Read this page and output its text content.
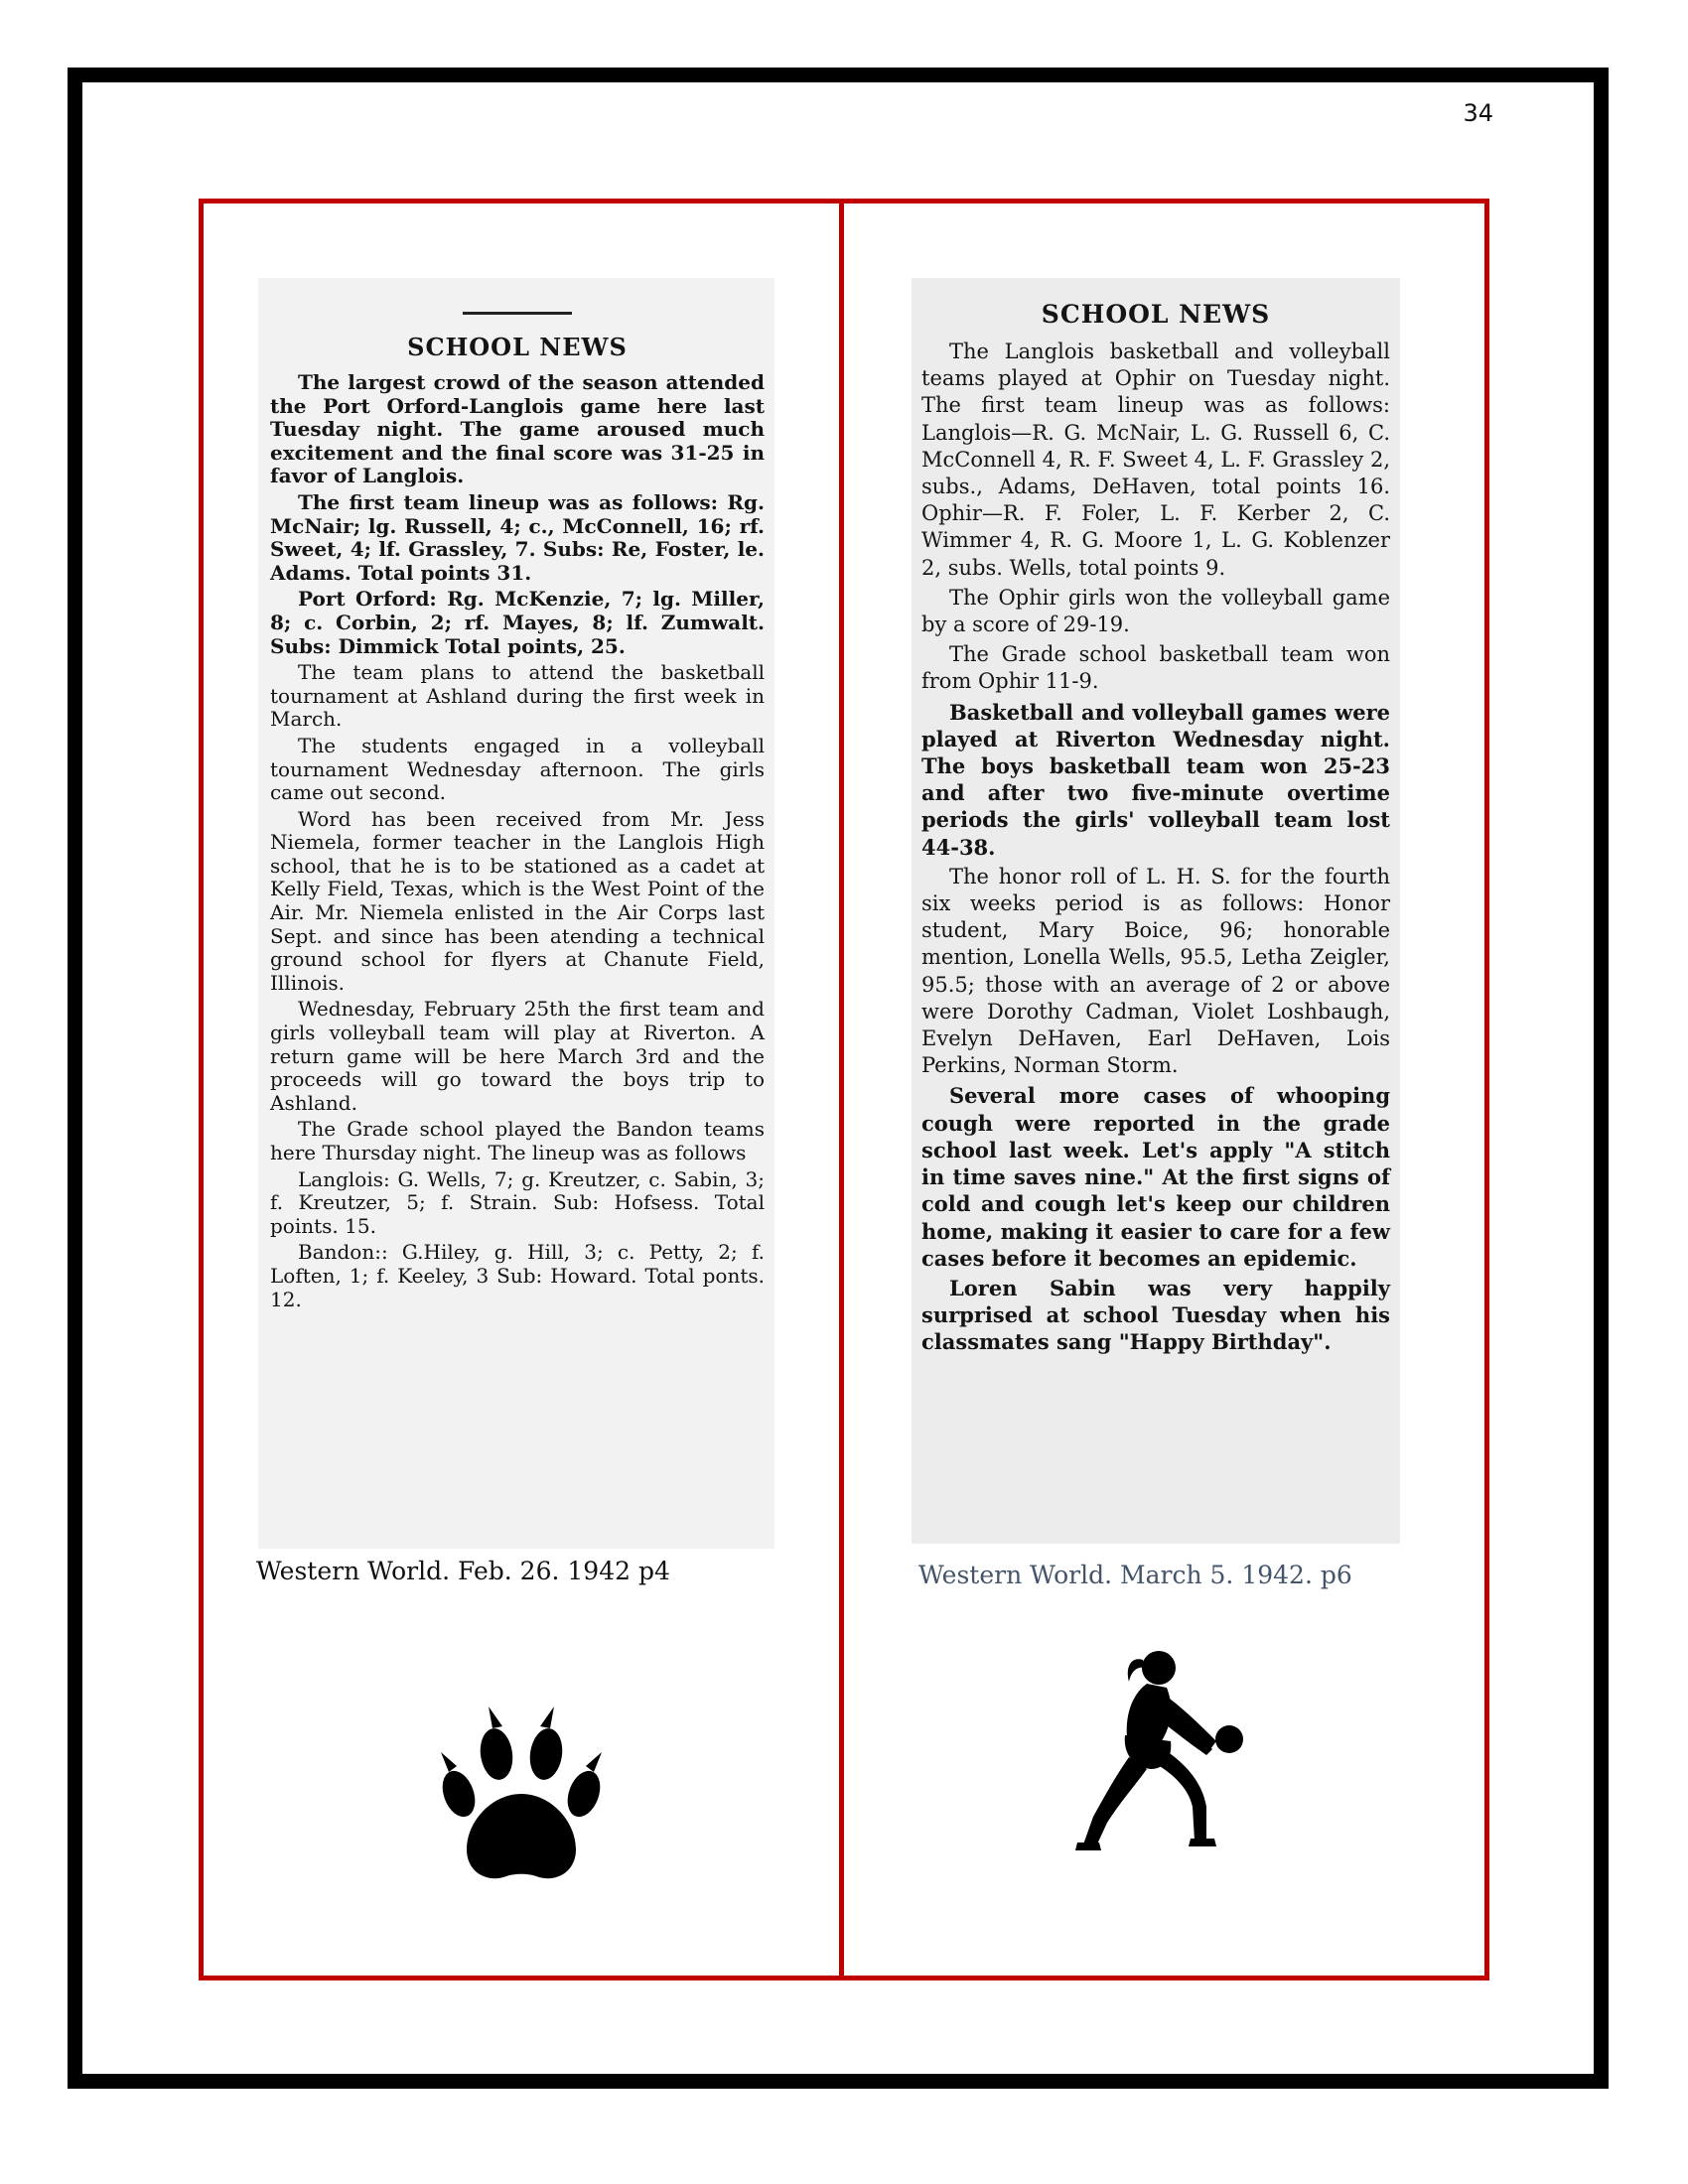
34
SCHOOL NEWS

The largest crowd of the season attended the Port Orford-Langlois game here last Tuesday night. The game aroused much excitement and the final score was 31-25 in favor of Langlois.

The first team lineup was as follows: Rg. McNair; lg. Russell, 4; c., McConnell, 16; rf. Sweet, 4; lf. Grassley, 7. Subs: Re, Foster, le. Adams. Total points 31.

Port Orford: Rg. McKenzie, 7; lg. Miller, 8; c. Corbin, 2; rf. Mayes, 8; lf. Zumwalt. Subs: Dimmick Total points, 25.

The team plans to attend the basketball tournament at Ashland during the first week in March.

The students engaged in a volleyball tournament Wednesday afternoon. The girls came out second.

Word has been received from Mr. Jess Niemela, former teacher in the Langlois High school, that he is to be stationed as a cadet at Kelly Field, Texas, which is the West Point of the Air. Mr. Niemela enlisted in the Air Corps last Sept. and since has been atending a technical ground school for flyers at Chanute Field, Illinois.

Wednesday, February 25th the first team and girls volleyball team will play at Riverton. A return game will be here March 3rd and the proceeds will go toward the boys trip to Ashland.

The Grade school played the Bandon teams here Thursday night. The lineup was as follows

Langlois: G. Wells, 7; g. Kreutzer, c. Sabin, 3; f. Kreutzer, 5; f. Strain. Sub: Hofsess. Total points. 15.

Bandon:: G.Hiley, g. Hill, 3; c. Petty, 2; f. Loften, 1; f. Keeley, 3 Sub: Howard. Total ponts. 12.

SCHOOL NEWS

The Langlois basketball and volleyball teams played at Ophir on Tuesday night. The first team lineup was as follows: Langlois—R. G. McNair, L. G. Russell 6, C. McConnell 4, R. F. Sweet 4, L. F. Grassley 2, subs., Adams, DeHaven, total points 16. Ophir—R. F. Foler, L. F. Kerber 2, C. Wimmer 4, R. G. Moore 1, L. G. Koblenzer 2, subs. Wells, total points 9.

The Ophir girls won the volleyball game by a score of 29-19.

The Grade school basketball team won from Ophir 11-9.

Basketball and volleyball games were played at Riverton Wednesday night. The boys basketball team won 25-23 and after two five-minute overtime periods the girls' volleyball team lost 44-38.

The honor roll of L. H. S. for the fourth six weeks period is as follows: Honor student, Mary Boice, 96; honorable mention, Lonella Wells, 95.5, Letha Zeigler, 95.5; those with an average of 2 or above were Dorothy Cadman, Violet Loshbaugh, Evelyn DeHaven, Earl DeHaven, Lois Perkins, Norman Storm.

Several more cases of whooping cough were reported in the grade school last week. Let's apply "A stitch in time saves nine." At the first signs of cold and cough let's keep our children home, making it easier to care for a few cases before it becomes an epidemic.

Loren Sabin was very happily surprised at school Tuesday when his classmates sang "Happy Birthday".

Western World. Feb. 26. 1942 p4	Western World. March 5. 1942. p6
